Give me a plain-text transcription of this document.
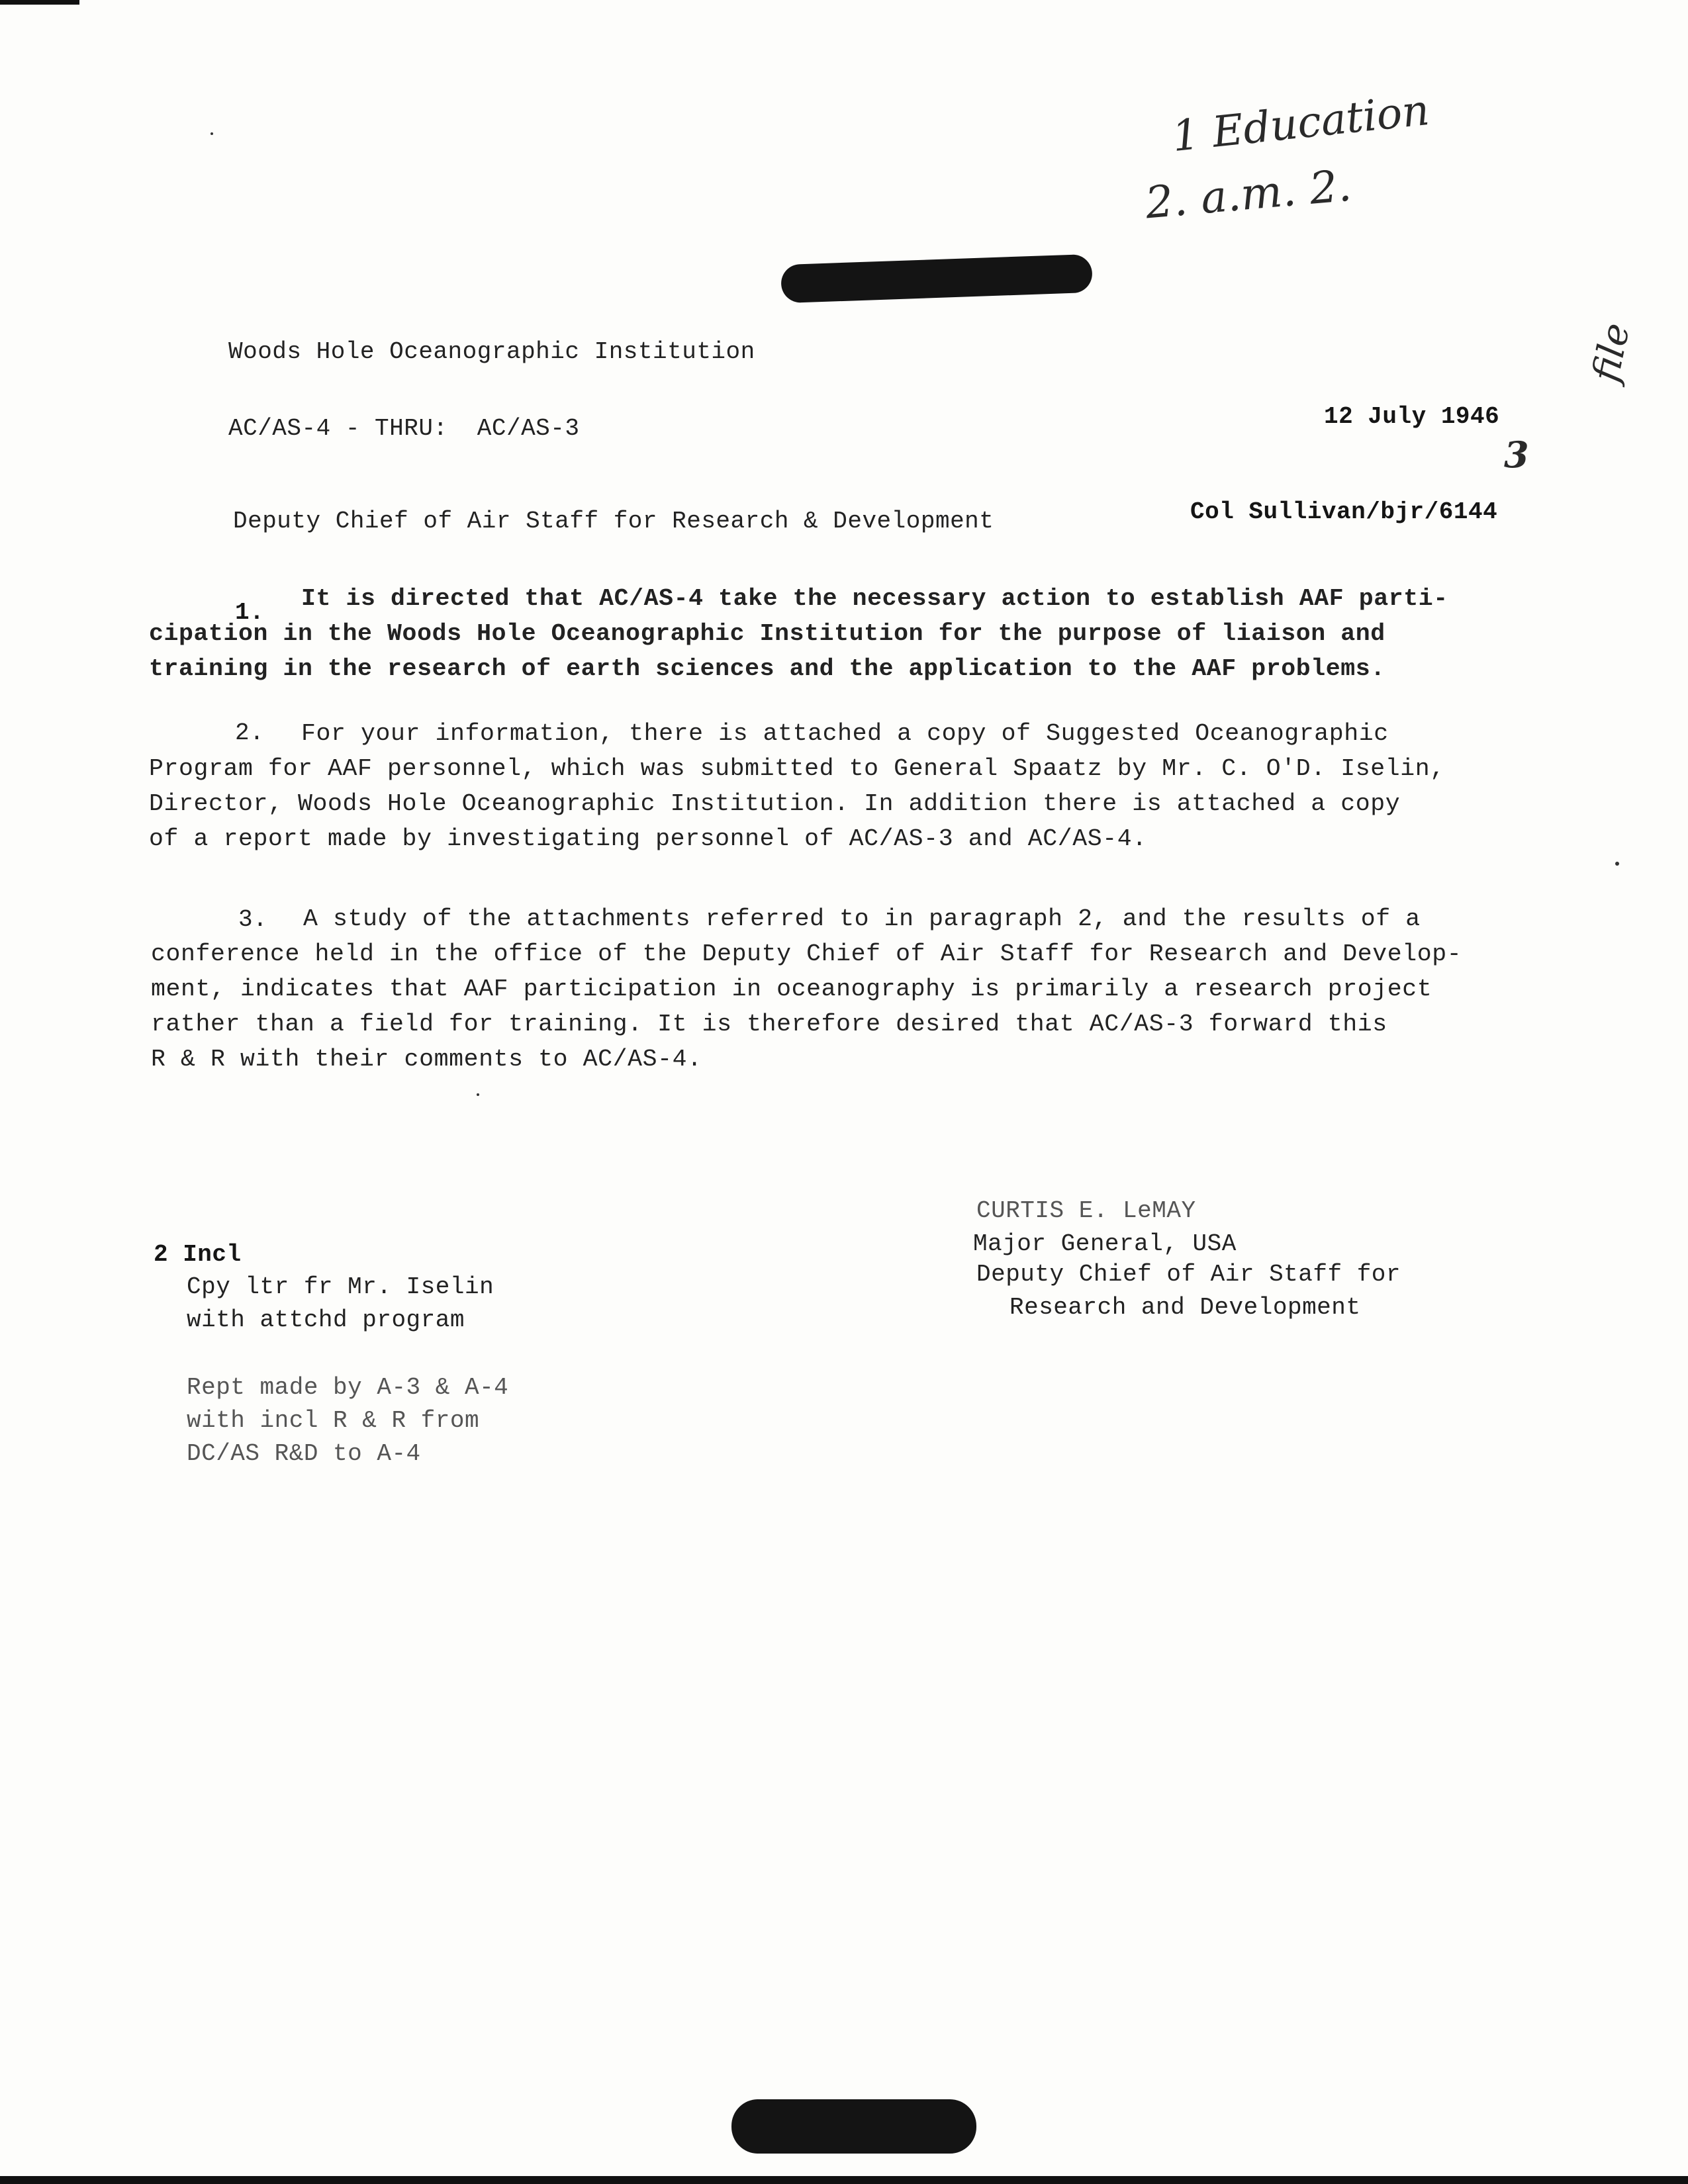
1 Education
2. a.m. 2.
file
3
Woods Hole Oceanographic Institution
AC/AS-4 - THRU:  AC/AS-3	12 July 1946
Deputy Chief of Air Staff for Research & Development	Col Sullivan/bjr/6144
1.
It is directed that AC/AS-4 take the necessary action to establish AAF parti-
cipation in the Woods Hole Oceanographic Institution for the purpose of liaison and
training in the research of earth sciences and the application to the AAF problems.
2.	For your information, there is attached a copy of Suggested Oceanographic
Program for AAF personnel, which was submitted to General Spaatz by Mr. C. O'D. Iselin,
Director, Woods Hole Oceanographic Institution. In addition there is attached a copy
of a report made by investigating personnel of AC/AS-3 and AC/AS-4.
3.	A study of the attachments referred to in paragraph 2, and the results of a
conference held in the office of the Deputy Chief of Air Staff for Research and Develop-
ment, indicates that AAF participation in oceanography is primarily a research project
rather than a field for training. It is therefore desired that AC/AS-3 forward this
R & R with their comments to AC/AS-4.
2 Incl
Cpy ltr fr Mr. Iselin
with attchd program
Rept made by A-3 & A-4
with incl R & R from
DC/AS R&D to A-4
CURTIS E. LeMAY
Major General, USA
Deputy Chief of Air Staff for
Research and Development
